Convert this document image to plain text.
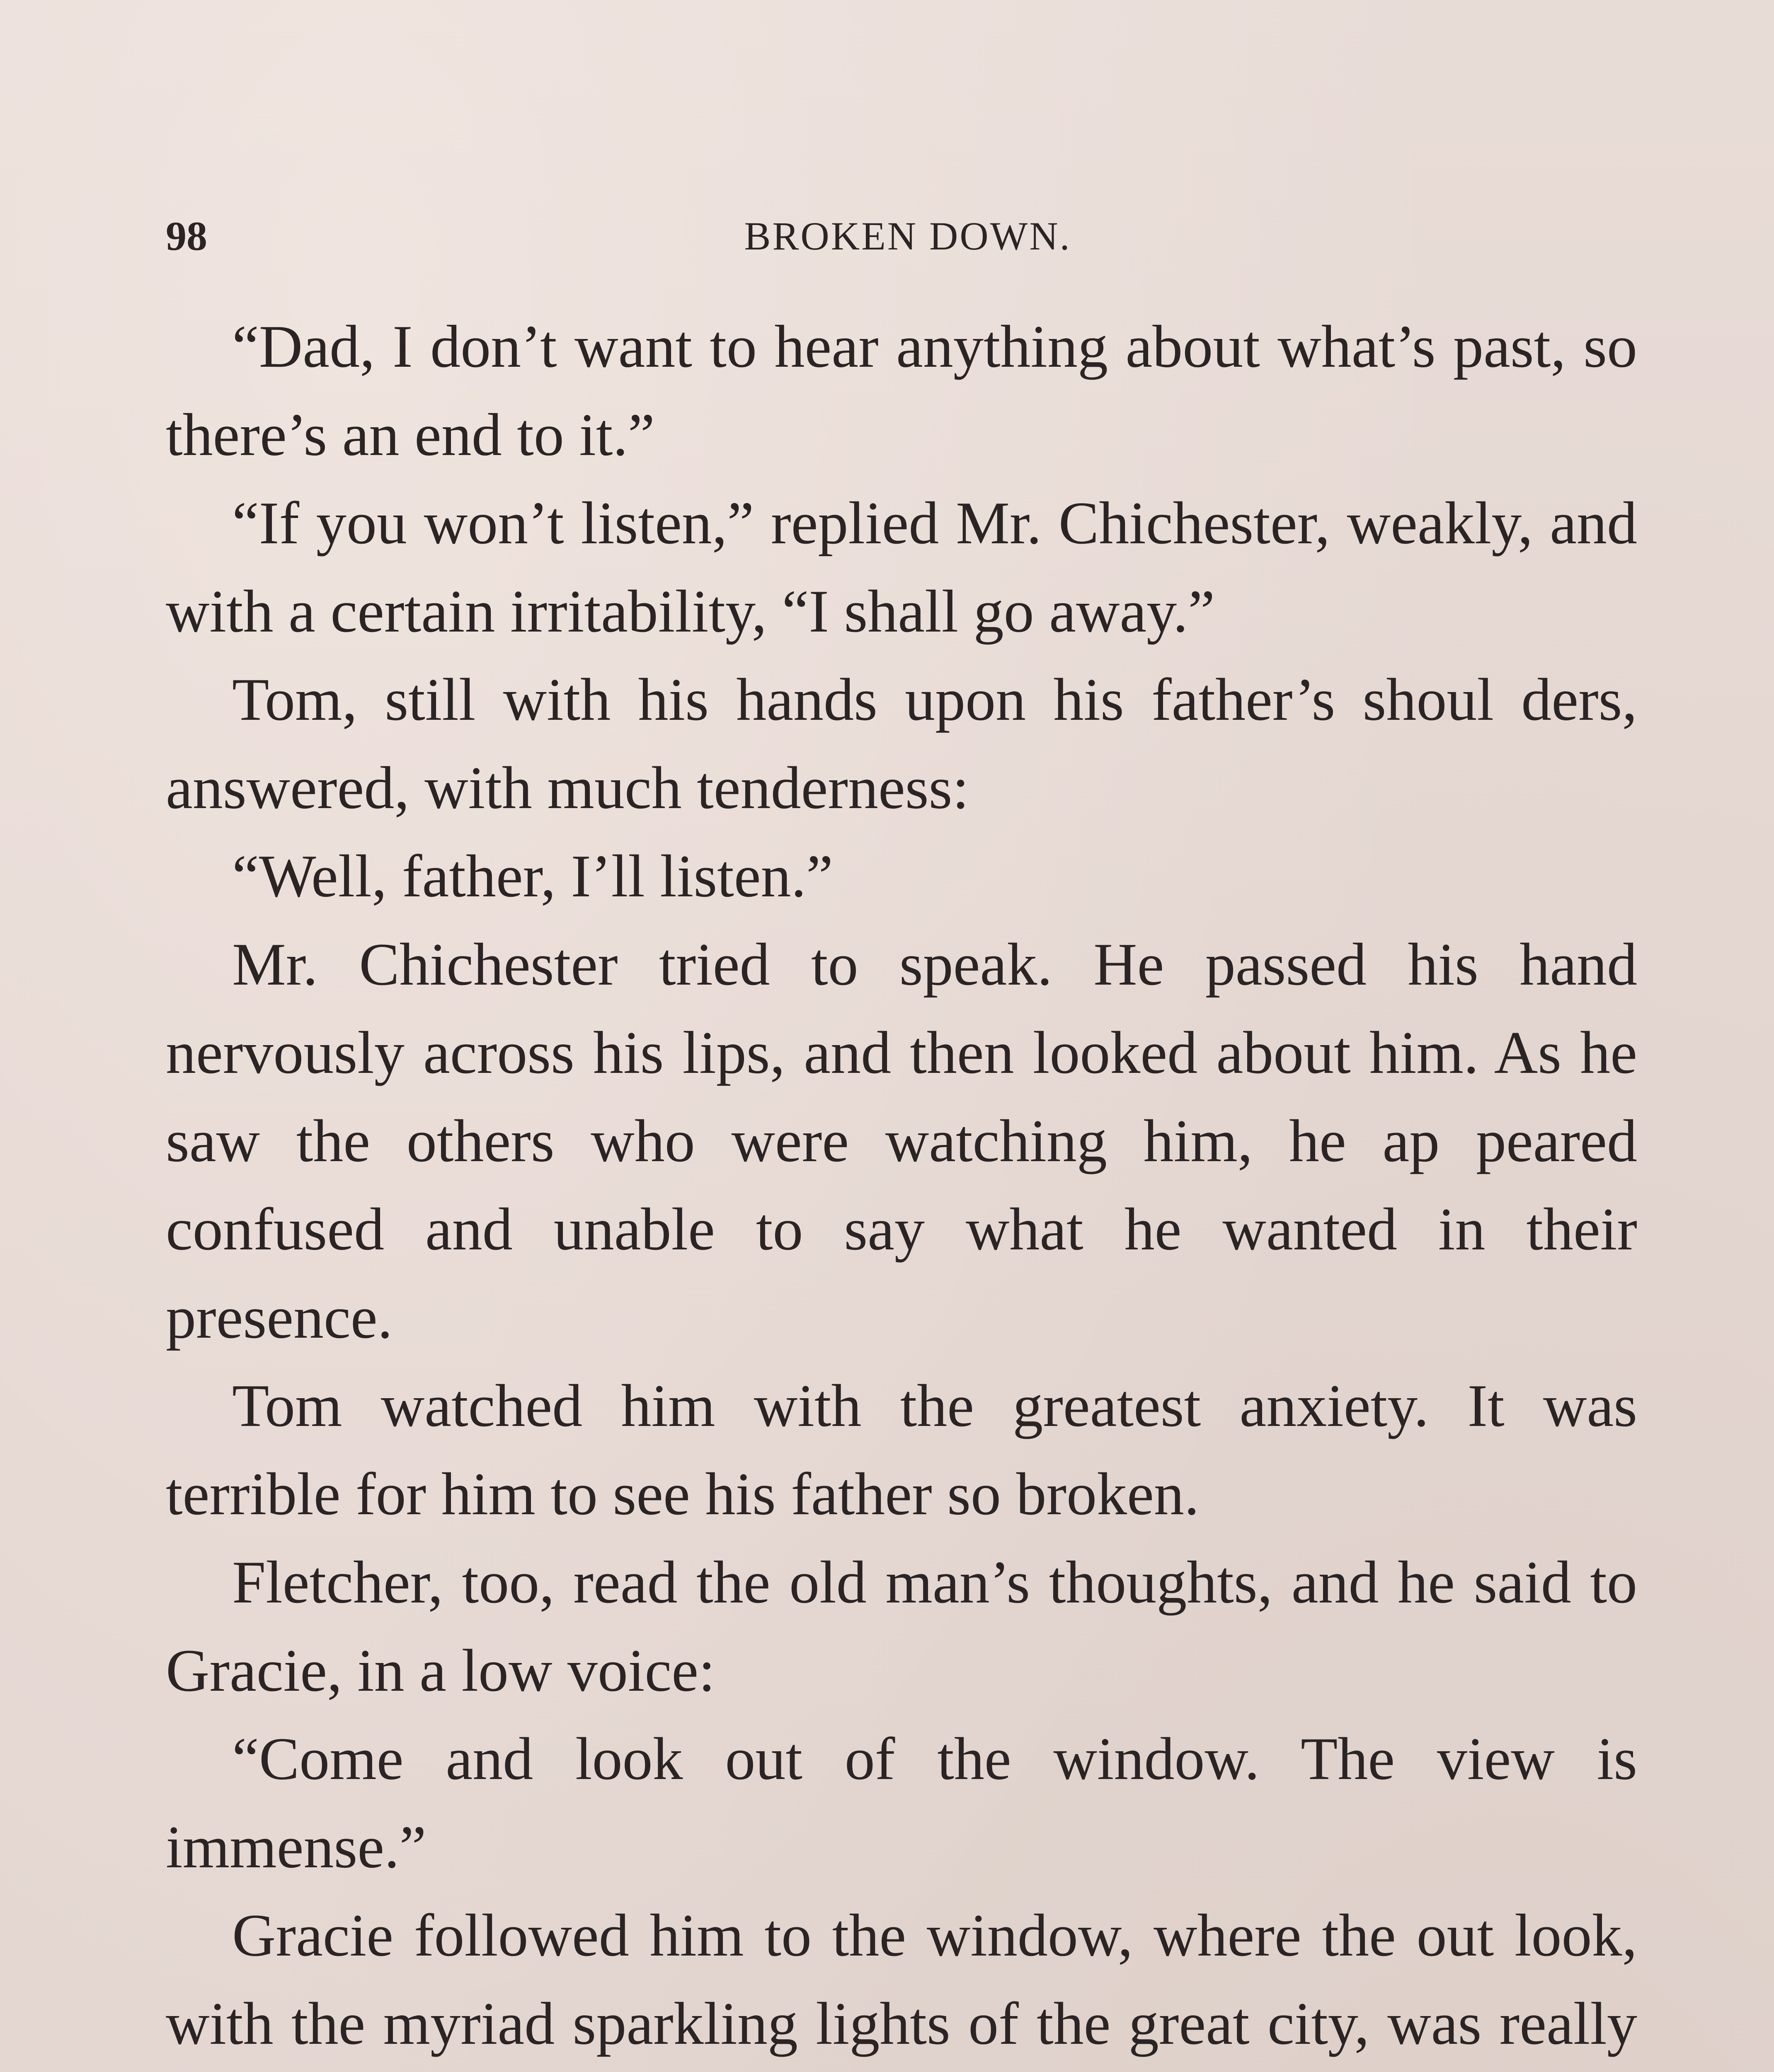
98	BROKEN DOWN.

“Dad, I don’t want to hear anything about what’s past, so there’s an end to it.”

“If you won’t listen,” replied Mr. Chichester, weakly, and with a certain irritability, “I shall go away.”

Tom, still with his hands upon his father’s shoul ders, answered, with much tenderness:

“Well, father, I’ll listen.”

Mr. Chichester tried to speak. He passed his hand nervously across his lips, and then looked about him. As he saw the others who were watching him, he ap peared confused and unable to say what he wanted in their presence.

Tom watched him with the greatest anxiety. It was terrible for him to see his father so broken.

Fletcher, too, read the old man’s thoughts, and he said to Gracie, in a low voice:

“Come and look out of the window. The view is immense.”

Gracie followed him to the window, where the out look, with the myriad sparkling lights of the great city, was really
